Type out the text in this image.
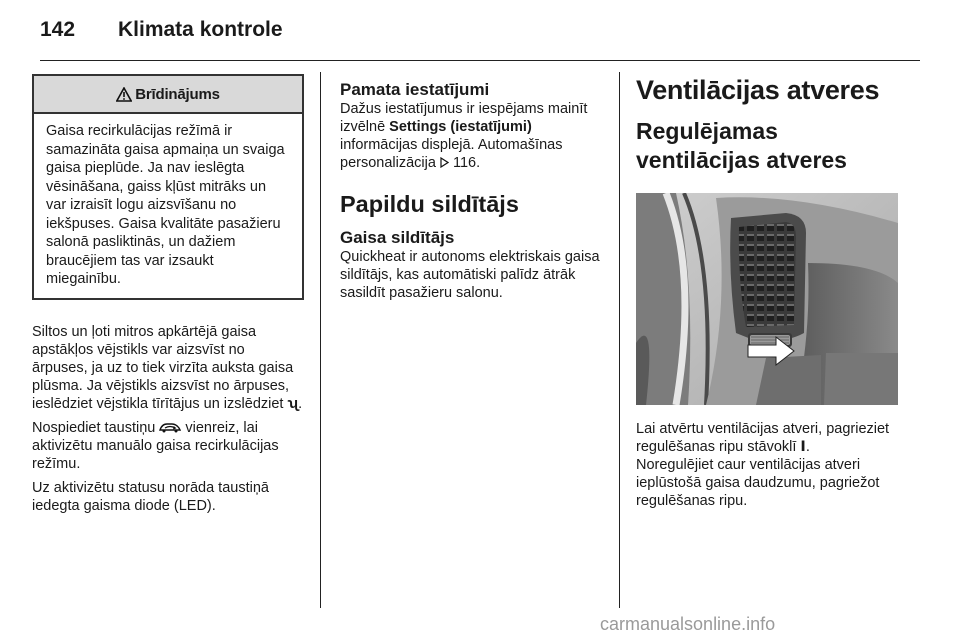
142 Klimata kontrole
Brīdinājums
Gaisa recirkulācijas režīmā ir samazināta gaisa apmaiņa un svaiga gaisa pieplūde. Ja nav ieslēgta vēsināšana, gaiss kļūst mitrāks un var izraisīt logu aizsvīšanu no iekšpuses. Gaisa kvalitāte pasažieru salonā pasliktinās, un dažiem braucējiem tas var izsaukt miegainību.

Siltos un ļoti mitros apkārtējā gaisa apstākļos vējstikls var aizsvīst no ārpuses, ja uz to tiek virzīta auksta gaisa plūsma. Ja vējstikls aizsvīst no ārpuses, ieslēdziet vējstikla tīrītājus un izslēdziet ʯ.

Nospiediet taustiņu  vienreiz, lai aktivizētu manuālo gaisa recirkulācijas režīmu.

Uz aktivizētu statusu norāda taustiņā iedegta gaisma diode (LED).

Pamata iestatījumi

Dažus iestatījumus ir iespējams mainīt izvēlnē Settings (iestatījumi) informācijas displejā. Automašīnas personalizācija  116.

Papildu sildītājs
Gaisa sildītājs

Quickheat ir autonoms elektriskais gaisa sildītājs, kas automātiski palīdz ātrāk sasildīt pasažieru salonu.

Ventilācijas atveres
Regulējamas ventilācijas atveres

Lai atvērtu ventilācijas atveri, pagrieziet regulēšanas ripu stāvoklī Ⅰ.

Noregulējiet caur ventilācijas atveri ieplūstošā gaisa daudzumu, pagriežot regulēšanas ripu.

carmanualsonline.info
